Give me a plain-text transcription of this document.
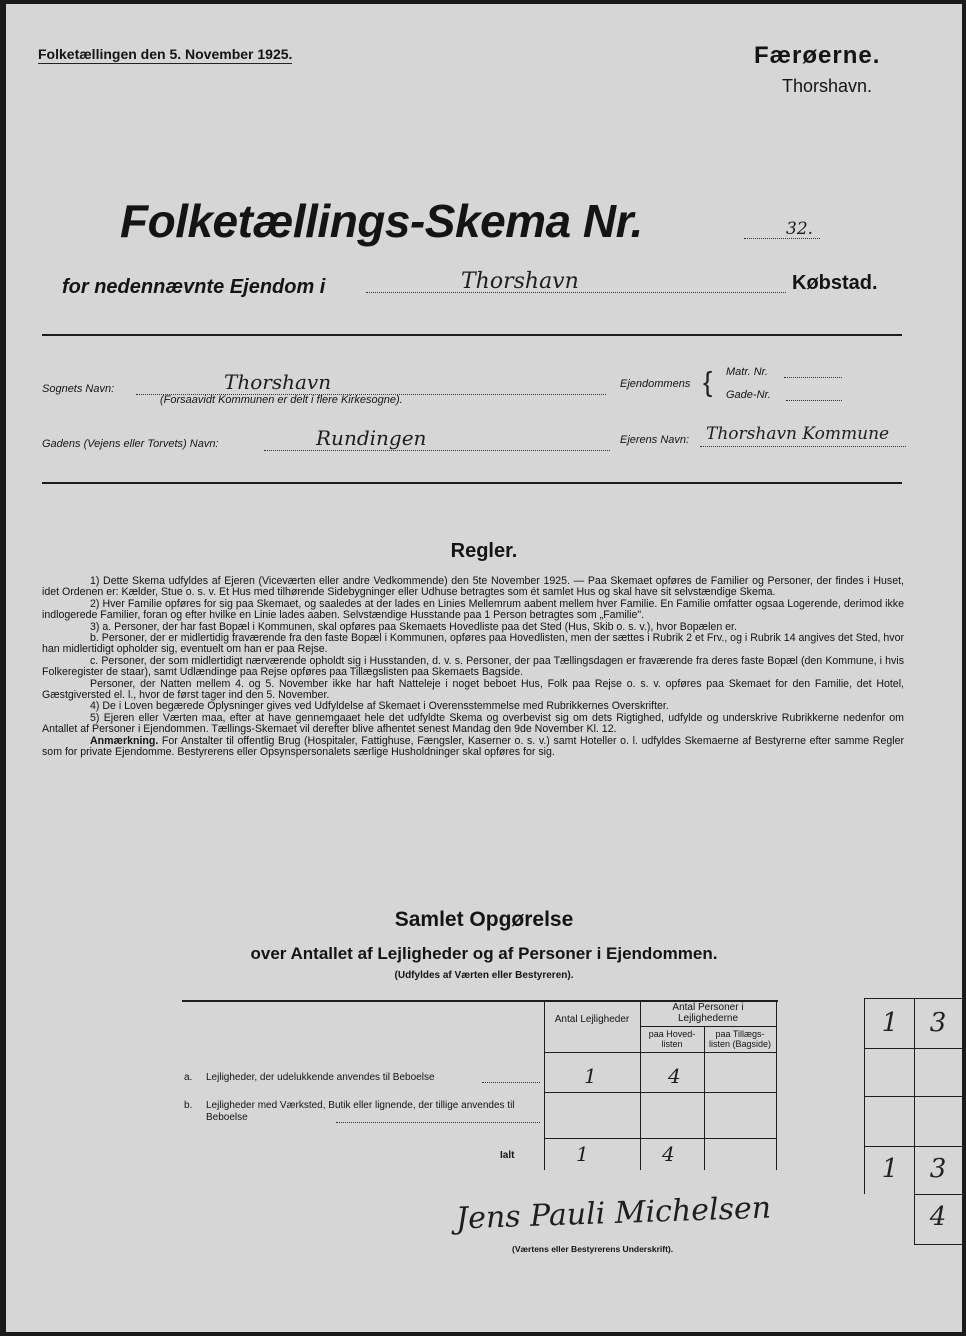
Folketællingen den 5. November 1925.	Færøerne.
Thorshavn.
Folketællings-Skema Nr.	32.
for nedennævnte Ejendom i	Thorshavn	Købstad.
Sognets Navn:	Thorshavn
(Forsaavidt Kommunen er delt i flere Kirkesogne).
Ejendommens { Matr. Nr.
Gade-Nr.
Gadens (Vejens eller Torvets) Navn:	Rundingen	Ejerens Navn: Thorshavn Kommune
Regler.

1) Dette Skema udfyldes af Ejeren (Viceværten eller andre Vedkommende) den 5te November 1925. — Paa Skemaet opføres de Familier og Personer, der findes i Huset, idet Ordenen er: Kælder, Stue o. s. v. Et Hus med tilhørende Sidebygninger eller Udhuse betragtes som ét samlet Hus og skal have sit selvstændige Skema.

2) Hver Familie opføres for sig paa Skemaet, og saaledes at der lades en Linies Mellemrum aabent mellem hver Familie. En Familie omfatter ogsaa Logerende, derimod ikke indlogerede Familier, foran og efter hvilke en Linie lades aaben. Selvstændige Husstande paa 1 Person betragtes som „Familie".

3) a. Personer, der har fast Bopæl i Kommunen, skal opføres paa Skemaets Hovedliste paa det Sted (Hus, Skib o. s. v.), hvor Bopælen er.

b. Personer, der er midlertidig fraværende fra den faste Bopæl i Kommunen, opføres paa Hovedlisten, men der sættes i Rubrik 2 et Frv., og i Rubrik 14 angives det Sted, hvor han midlertidigt opholder sig, eventuelt om han er paa Rejse.

c. Personer, der som midlertidigt nærværende opholdt sig i Husstanden, d. v. s. Personer, der paa Tællingsdagen er fraværende fra deres faste Bopæl (den Kommune, i hvis Folkeregister de staar), samt Udlændinge paa Rejse opføres paa Tillægslisten paa Skemaets Bagside.

Personer, der Natten mellem 4. og 5. November ikke har haft Natteleje i noget beboet Hus, Folk paa Rejse o. s. v. opføres paa Skemaet for den Familie, det Hotel, Gæstgiversted el. l., hvor de først tager ind den 5. November.

4) De i Loven begærede Oplysninger gives ved Udfyldelse af Skemaet i Overensstemmelse med Rubrikkernes Overskrifter.

5) Ejeren eller Værten maa, efter at have gennemgaaet hele det udfyldte Skema og overbevist sig om dets Rigtighed, udfylde og underskrive Rubrikkerne nedenfor om Antallet af Personer i Ejendommen. Tællings-Skemaet vil derefter blive afhentet senest Mandag den 9de November Kl. 12.

Anmærkning. For Anstalter til offentlig Brug (Hospitaler, Fattighuse, Fængsler, Kaserner o. s. v.) samt Hoteller o. l. udfyldes Skemaerne af Bestyrerne efter samme Regler som for private Ejendomme. Bestyrerens eller Opsynspersonalets særlige Husholdninger skal opføres for sig.

Samlet Opgørelse
over Antallet af Lejligheder og af Personer i Ejendommen.
(Udfyldes af Værten eller Bestyreren).
Antal Lejligheder
Antal Personer i Lejlighederne
paa Hoved-listen
paa Tillægs-listen (Bagside)
a. Lejligheder, der udelukkende anvendes til Beboelse	1	4
b. Lejligheder med Værksted, Butik eller lignende, der tillige anvendes til Beboelse
Ialt	1	4
1	3
1	3
4
Jens Pauli Michelsen
(Værtens eller Bestyrerens Underskrift).
